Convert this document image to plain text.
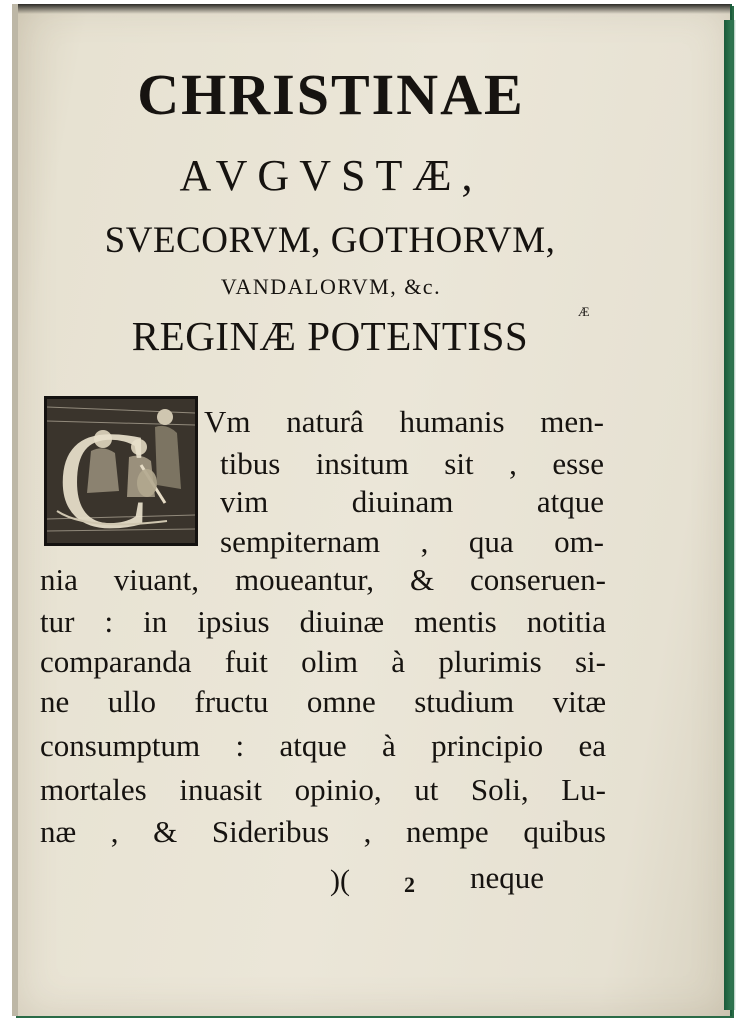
CHRISTINAE
AVGVSTÆ,
SVECORVM, GOTHORVM,
VANDALORVM, &c.
REGINÆ POTENTISS
Æ
C Vm naturâ humanis men-
tibus insitum sit , esse
vim diuinam atque
sempiternam , qua om-
nia viuant, moueantur, & conseruen-
tur : in ipsius diuinæ mentis notitia
comparanda fuit olim à plurimis si-
ne ullo fructu omne studium vitæ
consumptum : atque à principio ea
mortales inuasit opinio, ut Soli, Lu-
næ , & Sideribus , nempe quibus
)( 2 neque
